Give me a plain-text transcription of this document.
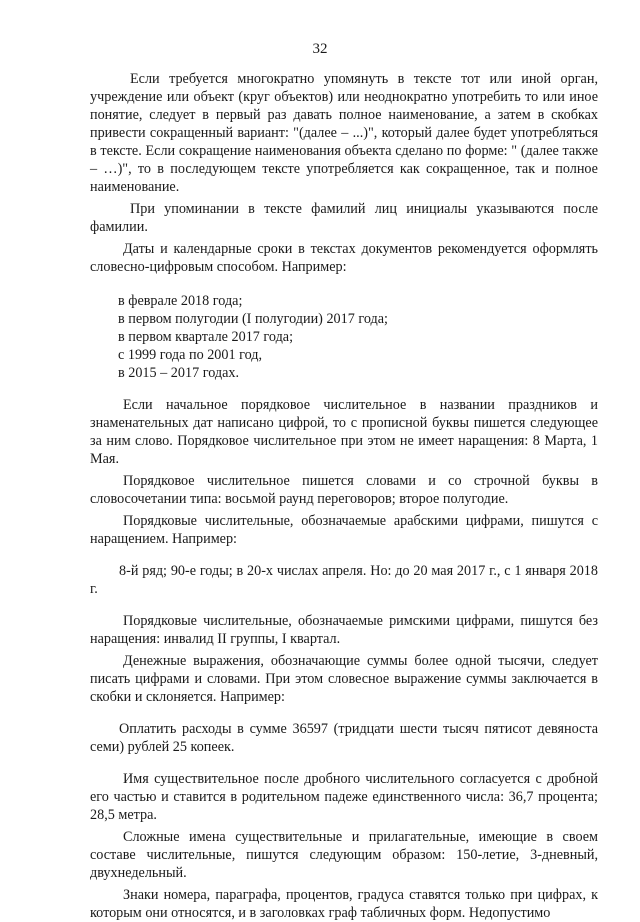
32

Если требуется многократно упомянуть в тексте тот или иной орган, учреждение или объект (круг объектов) или неоднократно употребить то или иное понятие, следует в первый раз давать полное наименование, а затем в скобках привести сокращенный вариант: "(далее – ...)", который далее будет употребляться в тексте. Если сокращение наименования объекта сделано по форме: " (далее также – …)", то в последующем тексте употребляется как сокращенное, так и полное наименование.

При упоминании в тексте фамилий лиц инициалы указываются после фамилии.

Даты и календарные сроки в текстах документов рекомендуется оформлять словесно-цифровым способом. Например:

в феврале 2018 года;
в первом полугодии (I полугодии) 2017 года;
в первом квартале 2017 года;
с 1999 года по 2001 год,
в 2015 – 2017 годах.

Если начальное порядковое числительное в названии праздников и знаменательных дат написано цифрой, то с прописной буквы пишется следующее за ним слово. Порядковое числительное при этом не имеет наращения: 8 Марта, 1 Мая.

Порядковое числительное пишется словами и со строчной буквы в словосочетании типа: восьмой раунд переговоров; второе полугодие.

Порядковые числительные, обозначаемые арабскими цифрами, пишутся с наращением. Например:

8-й ряд; 90-е годы; в 20-х числах апреля. Но: до 20 мая 2017 г., с 1 января 2018 г.

Порядковые числительные, обозначаемые римскими цифрами, пишутся без наращения: инвалид II группы, I квартал.

Денежные выражения, обозначающие суммы более одной тысячи, следует писать цифрами и словами. При этом словесное выражение суммы заключается в скобки и склоняется. Например:

Оплатить расходы в сумме 36597 (тридцати шести тысяч пятисот девяноста семи) рублей 25 копеек.

Имя существительное после дробного числительного согласуется с дробной его частью и ставится в родительном падеже единственного числа: 36,7 процента; 28,5 метра.

Сложные имена существительные и прилагательные, имеющие в своем составе числительные, пишутся следующим образом: 150-летие, 3-дневный, двухнедельный.

Знаки номера, параграфа, процентов, градуса ставятся только при цифрах, к которым они относятся, и в заголовках граф табличных форм. Недопустимо
